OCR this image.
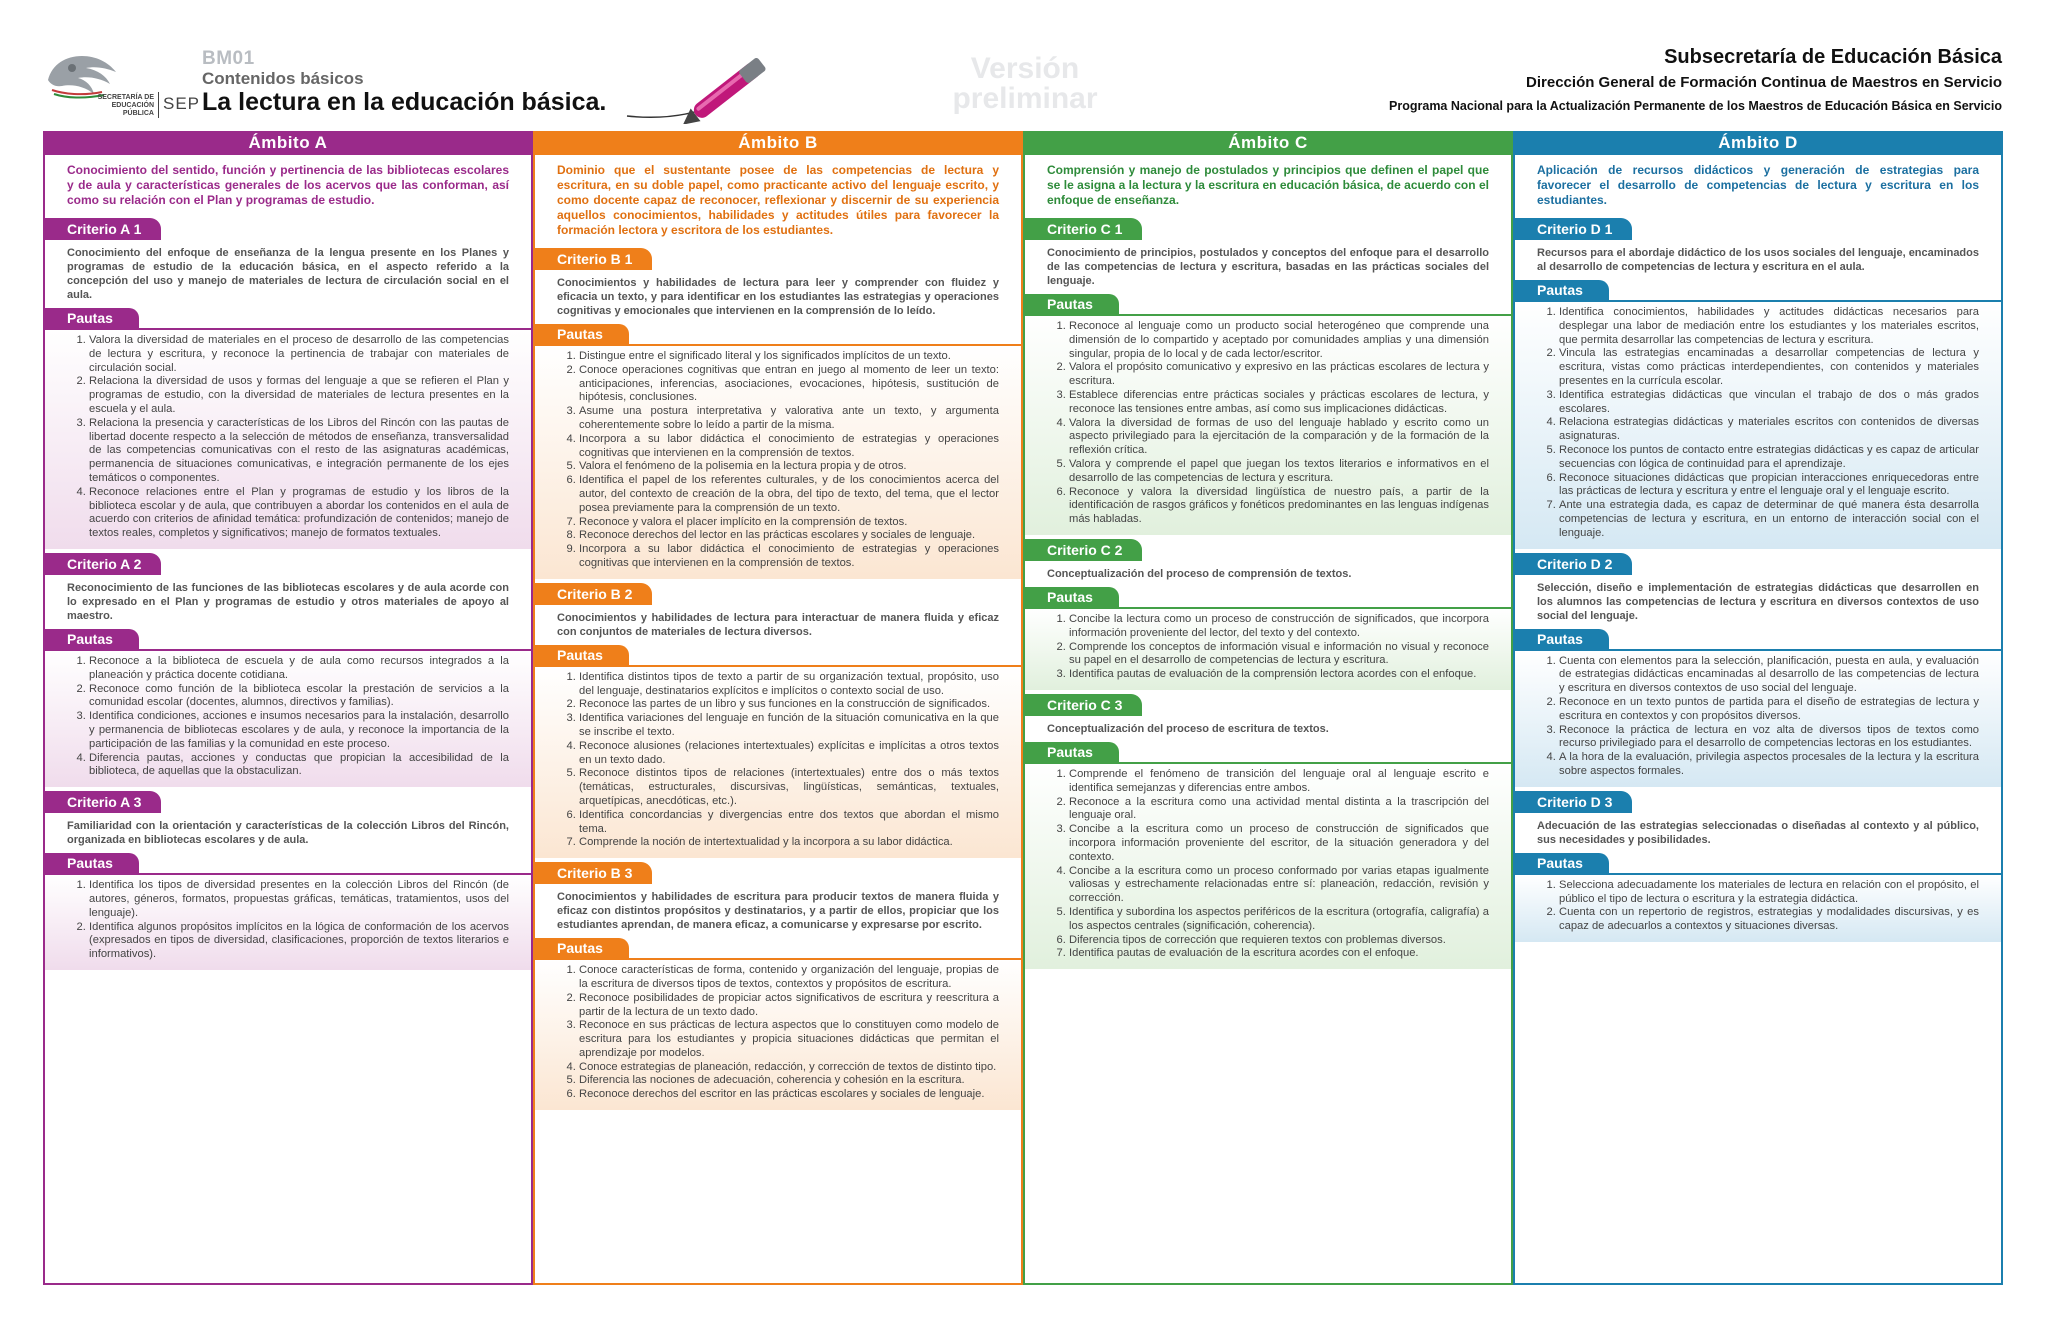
SECRETARÍA DE
EDUCACIÓN
PÚBLICA
SEP
BM01
Contenidos básicos
La lectura en la educación básica.
Versión
preliminar
Subsecretaría de Educación Básica
Dirección General de Formación Continua de Maestros en Servicio
Programa Nacional para la Actualización Permanente de los Maestros de Educación Básica en Servicio
Ámbito A
Conocimiento del sentido, función y pertinencia de las bibliotecas escolares y de aula y características generales de los acervos que las conforman, así como su relación con el Plan y programas de estudio.
Criterio A 1
Conocimiento del enfoque de enseñanza de la lengua presente en los Planes y programas de estudio de la educación básica, en el aspecto referido a la concepción del uso y manejo de materiales de lectura de circulación social en el aula.
Pautas
1. Valora la diversidad de materiales en el proceso de desarrollo de las competencias de lectura y escritura, y reconoce la pertinencia de trabajar con materiales de circulación social.
2. Relaciona la diversidad de usos y formas del lenguaje a que se refieren el Plan y programas de estudio, con la diversidad de materiales de lectura presentes en la escuela y el aula.
3. Relaciona la presencia y características de los Libros del Rincón con las pautas de libertad docente respecto a la selección de métodos de enseñanza, transversalidad de las competencias comunicativas con el resto de las asignaturas académicas, permanencia de situaciones comunicativas, e integración permanente de los ejes temáticos o componentes.
4. Reconoce relaciones entre el Plan y programas de estudio y los libros de la biblioteca escolar y de aula, que contribuyen a abordar los contenidos en el aula de acuerdo con criterios de afinidad temática: profundización de contenidos; manejo de textos reales, completos y significativos; manejo de formatos textuales.
Criterio A 2
Reconocimiento de las funciones de las bibliotecas escolares y de aula acorde con lo expresado en el Plan y programas de estudio y otros materiales de apoyo al maestro.
Pautas
1. Reconoce a la biblioteca de escuela y de aula como recursos integrados a la planeación y práctica docente cotidiana.
2. Reconoce como función de la biblioteca escolar la prestación de servicios a la comunidad escolar (docentes, alumnos, directivos y familias).
3. Identifica condiciones, acciones e insumos necesarios para la instalación, desarrollo y permanencia de bibliotecas escolares y de aula, y reconoce la importancia de la participación de las familias y la comunidad en este proceso.
4. Diferencia pautas, acciones y conductas que propician la accesibilidad de la biblioteca, de aquellas que la obstaculizan.
Criterio A 3
Familiaridad con la orientación y características de la colección Libros del Rincón, organizada en bibliotecas escolares y de aula.
Pautas
1. Identifica los tipos de diversidad presentes en la colección Libros del Rincón (de autores, géneros, formatos, propuestas gráficas, temáticas, tratamientos, usos del lenguaje).
2. Identifica algunos propósitos implícitos en la lógica de conformación de los acervos (expresados en tipos de diversidad, clasificaciones, proporción de textos literarios e informativos).
Ámbito B
Dominio que el sustentante posee de las competencias de lectura y escritura, en su doble papel, como practicante activo del lenguaje escrito, y como docente capaz de reconocer, reflexionar y discernir de su experiencia aquellos conocimientos, habilidades y actitudes útiles para favorecer la formación lectora y escritora de los estudiantes.
Criterio B 1
Conocimientos y habilidades de lectura para leer y comprender con fluidez y eficacia un texto, y para identificar en los estudiantes las estrategias y operaciones cognitivas y emocionales que intervienen en la comprensión de lo leído.
Pautas
1. Distingue entre el significado literal y los significados implícitos de un texto.
2. Conoce operaciones cognitivas que entran en juego al momento de leer un texto: anticipaciones, inferencias, asociaciones, evocaciones, hipótesis, sustitución de hipótesis, conclusiones.
3. Asume una postura interpretativa y valorativa ante un texto, y argumenta coherentemente sobre lo leído a partir de la misma.
4. Incorpora a su labor didáctica el conocimiento de estrategias y operaciones cognitivas que intervienen en la comprensión de textos.
5. Valora el fenómeno de la polisemia en la lectura propia y de otros.
6. Identifica el papel de los referentes culturales, y de los conocimientos acerca del autor, del contexto de creación de la obra, del tipo de texto, del tema, que el lector posea previamente para la comprensión de un texto.
7. Reconoce y valora el placer implícito en la comprensión de textos.
8. Reconoce derechos del lector en las prácticas escolares y sociales de lenguaje.
9. Incorpora a su labor didáctica el conocimiento de estrategias y operaciones cognitivas que intervienen en la comprensión de textos.
Criterio B 2
Conocimientos y habilidades de lectura para interactuar de manera fluida y eficaz con conjuntos de materiales de lectura diversos.
Pautas
1. Identifica distintos tipos de texto a partir de su organización textual, propósito, uso del lenguaje, destinatarios explícitos e implícitos o contexto social de uso.
2. Reconoce las partes de un libro y sus funciones en la construcción de significados.
3. Identifica variaciones del lenguaje en función de la situación comunicativa en la que se inscribe el texto.
4. Reconoce alusiones (relaciones intertextuales) explícitas e implícitas a otros textos en un texto dado.
5. Reconoce distintos tipos de relaciones (intertextuales) entre dos o más textos (temáticas, estructurales, discursivas, lingüísticas, semánticas, textuales, arquetípicas, anecdóticas, etc.).
6. Identifica concordancias y divergencias entre dos textos que abordan el mismo tema.
7. Comprende la noción de intertextualidad y la incorpora a su labor didáctica.
Criterio B 3
Conocimientos y habilidades de escritura para producir textos de manera fluida y eficaz con distintos propósitos y destinatarios, y a partir de ellos, propiciar que los estudiantes aprendan, de manera eficaz, a comunicarse y expresarse por escrito.
Pautas
1. Conoce características de forma, contenido y organización del lenguaje, propias de la escritura de diversos tipos de textos, contextos y propósitos de escritura.
2. Reconoce posibilidades de propiciar actos significativos de escritura y reescritura a partir de la lectura de un texto dado.
3. Reconoce en sus prácticas de lectura aspectos que lo constituyen como modelo de escritura para los estudiantes y propicia situaciones didácticas que permitan el aprendizaje por modelos.
4. Conoce estrategias de planeación, redacción, y corrección de textos de distinto tipo.
5. Diferencia las nociones de adecuación, coherencia y cohesión en la escritura.
6. Reconoce derechos del escritor en las prácticas escolares y sociales de lenguaje.
Ámbito C
Comprensión y manejo de postulados y principios que definen el papel que se le asigna a la lectura y la escritura en educación básica, de acuerdo con el enfoque de enseñanza.
Criterio C 1
Conocimiento de principios, postulados y conceptos del enfoque para el desarrollo de las competencias de lectura y escritura, basadas en las prácticas sociales del lenguaje.
Pautas
1. Reconoce al lenguaje como un producto social heterogéneo que comprende una dimensión de lo compartido y aceptado por comunidades amplias y una dimensión singular, propia de lo local y de cada lector/escritor.
2. Valora el propósito comunicativo y expresivo en las prácticas escolares de lectura y escritura.
3. Establece diferencias entre prácticas sociales y prácticas escolares de lectura, y reconoce las tensiones entre ambas, así como sus implicaciones didácticas.
4. Valora la diversidad de formas de uso del lenguaje hablado y escrito como un aspecto privilegiado para la ejercitación de la comparación y de la formación de la reflexión crítica.
5. Valora y comprende el papel que juegan los textos literarios e informativos en el desarrollo de las competencias de lectura y escritura.
6. Reconoce y valora la diversidad lingüística de nuestro país, a partir de la identificación de rasgos gráficos y fonéticos predominantes en las lenguas indígenas más habladas.
Criterio C 2
Conceptualización del proceso de comprensión de textos.
Pautas
1. Concibe la lectura como un proceso de construcción de significados, que incorpora información proveniente del lector, del texto y del contexto.
2. Comprende los conceptos de información visual e información no visual y reconoce su papel en el desarrollo de competencias de lectura y escritura.
3. Identifica pautas de evaluación de la comprensión lectora acordes con el enfoque.
Criterio C 3
Conceptualización del proceso de escritura de textos.
Pautas
1. Comprende el fenómeno de transición del lenguaje oral al lenguaje escrito e identifica semejanzas y diferencias entre ambos.
2. Reconoce a la escritura como una actividad mental distinta a la trascripción del lenguaje oral.
3. Concibe a la escritura como un proceso de construcción de significados que incorpora información proveniente del escritor, de la situación generadora y del contexto.
4. Concibe a la escritura como un proceso conformado por varias etapas igualmente valiosas y estrechamente relacionadas entre sí: planeación, redacción, revisión y corrección.
5. Identifica y subordina los aspectos periféricos de la escritura (ortografía, caligrafía) a los aspectos centrales (significación, coherencia).
6. Diferencia tipos de corrección que requieren textos con problemas diversos.
7. Identifica pautas de evaluación de la escritura acordes con el enfoque.
Ámbito D
Aplicación de recursos didácticos y generación de estrategias para favorecer el desarrollo de competencias de lectura y escritura en los estudiantes.
Criterio D 1
Recursos para el abordaje didáctico de los usos sociales del lenguaje, encaminados al desarrollo de competencias de lectura y escritura en el aula.
Pautas
1. Identifica conocimientos, habilidades y actitudes didácticas necesarios para desplegar una labor de mediación entre los estudiantes y los materiales escritos, que permita desarrollar las competencias de lectura y escritura.
2. Vincula las estrategias encaminadas a desarrollar competencias de lectura y escritura, vistas como prácticas interdependientes, con contenidos y materiales presentes en la currícula escolar.
3. Identifica estrategias didácticas que vinculan el trabajo de dos o más grados escolares.
4. Relaciona estrategias didácticas y materiales escritos con contenidos de diversas asignaturas.
5. Reconoce los puntos de contacto entre estrategias didácticas y es capaz de articular secuencias con lógica de continuidad para el aprendizaje.
6. Reconoce situaciones didácticas que propician interacciones enriquecedoras entre las prácticas de lectura y escritura y entre el lenguaje oral y el lenguaje escrito.
7. Ante una estrategia dada, es capaz de determinar de qué manera ésta desarrolla competencias de lectura y escritura, en un entorno de interacción social con el lenguaje.
Criterio D 2
Selección, diseño e implementación de estrategias didácticas que desarrollen en los alumnos las competencias de lectura y escritura en diversos contextos de uso social del lenguaje.
Pautas
1. Cuenta con elementos para la selección, planificación, puesta en aula, y evaluación de estrategias didácticas encaminadas al desarrollo de las competencias de lectura y escritura en diversos contextos de uso social del lenguaje.
2. Reconoce en un texto puntos de partida para el diseño de estrategias de lectura y escritura en contextos y con propósitos diversos.
3. Reconoce la práctica de lectura en voz alta de diversos tipos de textos como recurso privilegiado para el desarrollo de competencias lectoras en los estudiantes.
4. A la hora de la evaluación, privilegia aspectos procesales de la lectura y la escritura sobre aspectos formales.
Criterio D 3
Adecuación de las estrategias seleccionadas o diseñadas al contexto y al público, sus necesidades y posibilidades.
Pautas
1. Selecciona adecuadamente los materiales de lectura en relación con el propósito, el público el tipo de lectura o escritura y la estrategia didáctica.
2. Cuenta con un repertorio de registros, estrategias y modalidades discursivas, y es capaz de adecuarlos a contextos y situaciones diversas.
